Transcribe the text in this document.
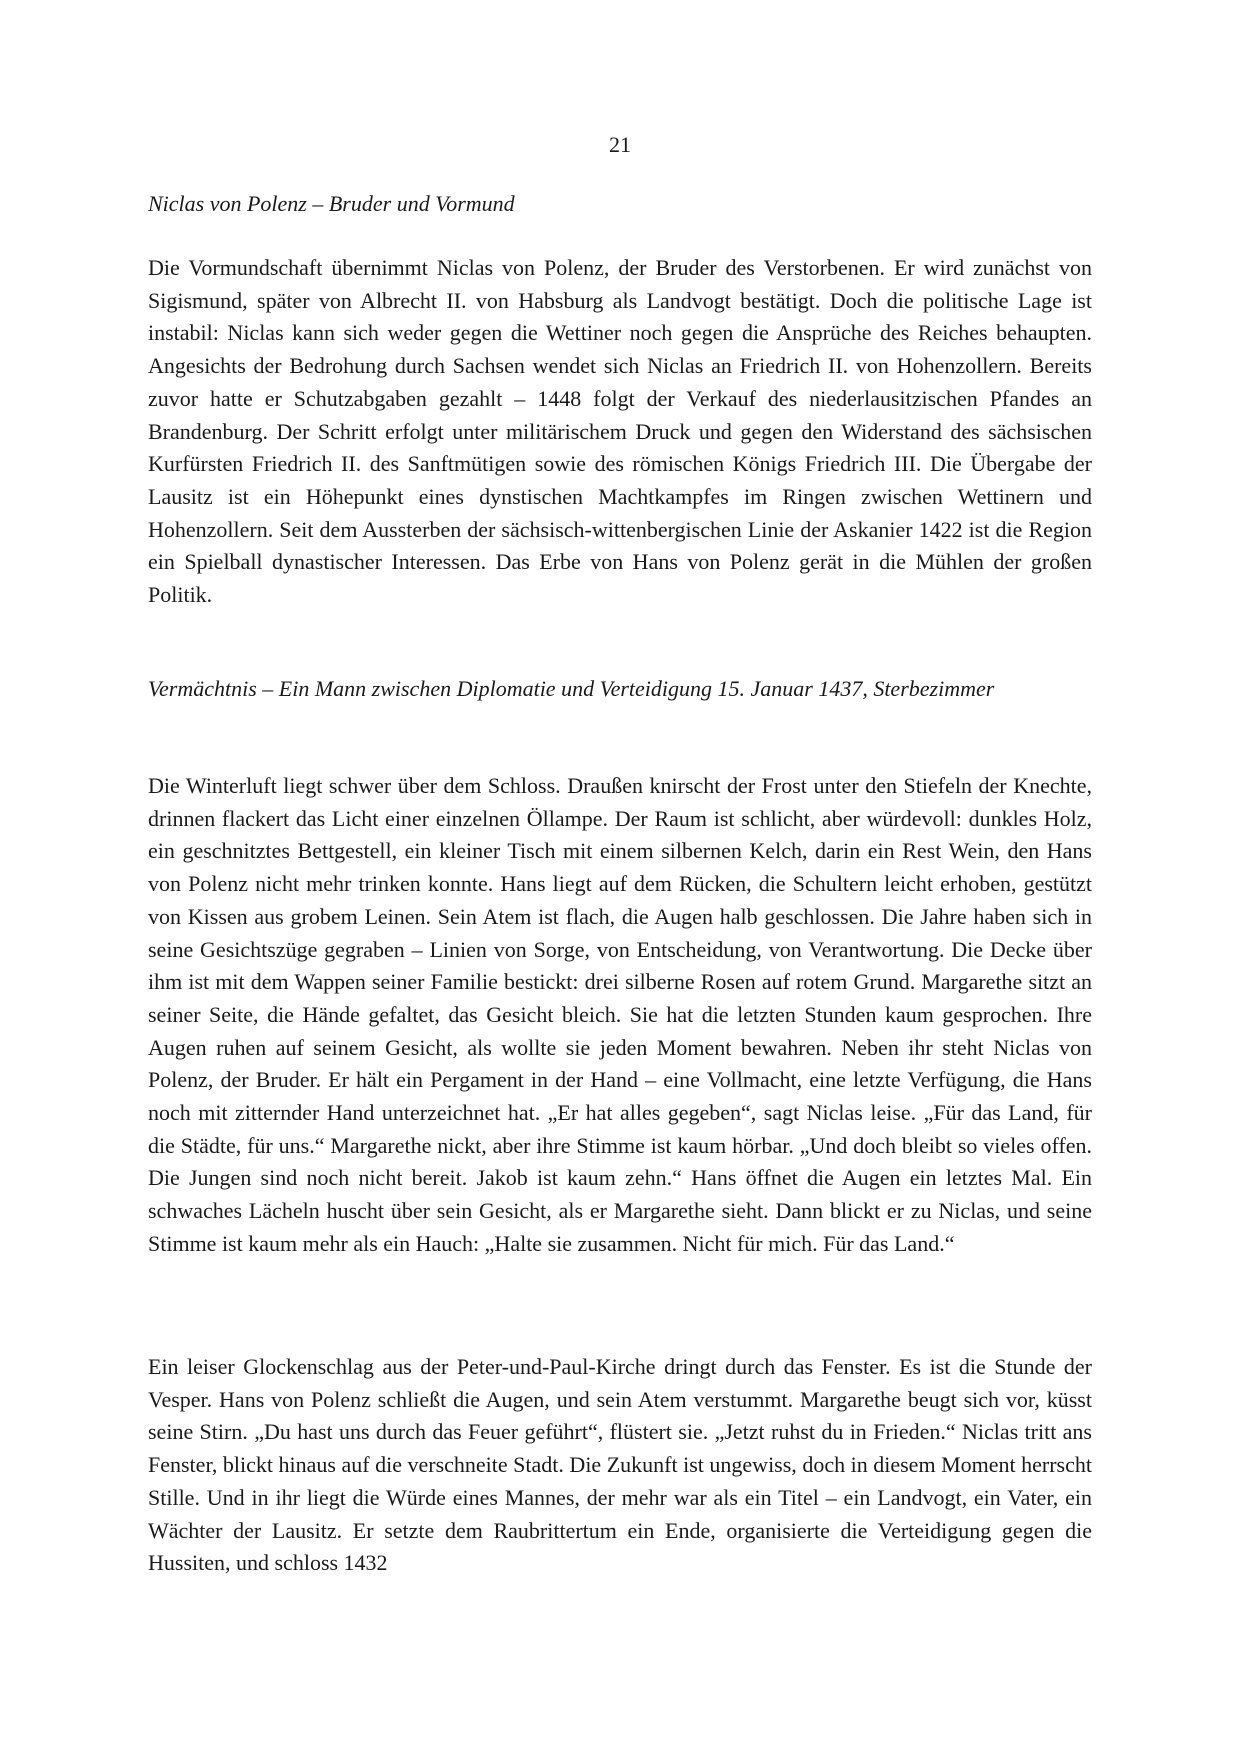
21
Niclas von Polenz – Bruder und Vormund

Die Vormundschaft übernimmt Niclas von Polenz, der Bruder des Verstorbenen. Er wird zunächst von Sigismund, später von Albrecht II. von Habsburg als Landvogt bestätigt. Doch die politische Lage ist instabil: Niclas kann sich weder gegen die Wettiner noch gegen die Ansprüche des Reiches behaupten. Angesichts der Bedrohung durch Sachsen wendet sich Niclas an Friedrich II. von Hohenzollern. Bereits zuvor hatte er Schutzabgaben gezahlt – 1448 folgt der Verkauf des niederlausitzischen Pfandes an Brandenburg. Der Schritt erfolgt unter militärischem Druck und gegen den Widerstand des sächsischen Kurfürsten Friedrich II. des Sanftmütigen sowie des römischen Königs Friedrich III. Die Übergabe der Lausitz ist ein Höhepunkt eines dynstischen Machtkampfes im Ringen zwischen Wettinern und Hohenzollern. Seit dem Aussterben der sächsisch-wittenbergischen Linie der Askanier 1422 ist die Region ein Spielball dynastischer Interessen. Das Erbe von Hans von Polenz gerät in die Mühlen der großen Politik.

Vermächtnis – Ein Mann zwischen Diplomatie und Verteidigung 15. Januar 1437, Sterbezimmer

Die Winterluft liegt schwer über dem Schloss. Draußen knirscht der Frost unter den Stiefeln der Knechte, drinnen flackert das Licht einer einzelnen Öllampe. Der Raum ist schlicht, aber würdevoll: dunkles Holz, ein geschnitztes Bettgestell, ein kleiner Tisch mit einem silbernen Kelch, darin ein Rest Wein, den Hans von Polenz nicht mehr trinken konnte. Hans liegt auf dem Rücken, die Schultern leicht erhoben, gestützt von Kissen aus grobem Leinen. Sein Atem ist flach, die Augen halb geschlossen. Die Jahre haben sich in seine Gesichtszüge gegraben – Linien von Sorge, von Entscheidung, von Verantwortung. Die Decke über ihm ist mit dem Wappen seiner Familie bestickt: drei silberne Rosen auf rotem Grund. Margarethe sitzt an seiner Seite, die Hände gefaltet, das Gesicht bleich. Sie hat die letzten Stunden kaum gesprochen. Ihre Augen ruhen auf seinem Gesicht, als wollte sie jeden Moment bewahren. Neben ihr steht Niclas von Polenz, der Bruder. Er hält ein Pergament in der Hand – eine Vollmacht, eine letzte Verfügung, die Hans noch mit zitternder Hand unterzeichnet hat. „Er hat alles gegeben“, sagt Niclas leise. „Für das Land, für die Städte, für uns.“ Margarethe nickt, aber ihre Stimme ist kaum hörbar. „Und doch bleibt so vieles offen. Die Jungen sind noch nicht bereit. Jakob ist kaum zehn.“ Hans öffnet die Augen ein letztes Mal. Ein schwaches Lächeln huscht über sein Gesicht, als er Margarethe sieht. Dann blickt er zu Niclas, und seine Stimme ist kaum mehr als ein Hauch: „Halte sie zusammen. Nicht für mich. Für das Land.“

Ein leiser Glockenschlag aus der Peter-und-Paul-Kirche dringt durch das Fenster. Es ist die Stunde der Vesper. Hans von Polenz schließt die Augen, und sein Atem verstummt. Margarethe beugt sich vor, küsst seine Stirn. „Du hast uns durch das Feuer geführt“, flüstert sie. „Jetzt ruhst du in Frieden.“ Niclas tritt ans Fenster, blickt hinaus auf die verschneite Stadt. Die Zukunft ist ungewiss, doch in diesem Moment herrscht Stille. Und in ihr liegt die Würde eines Mannes, der mehr war als ein Titel – ein Landvogt, ein Vater, ein Wächter der Lausitz. Er setzte dem Raubrittertum ein Ende, organisierte die Verteidigung gegen die Hussiten, und schloss 1432
